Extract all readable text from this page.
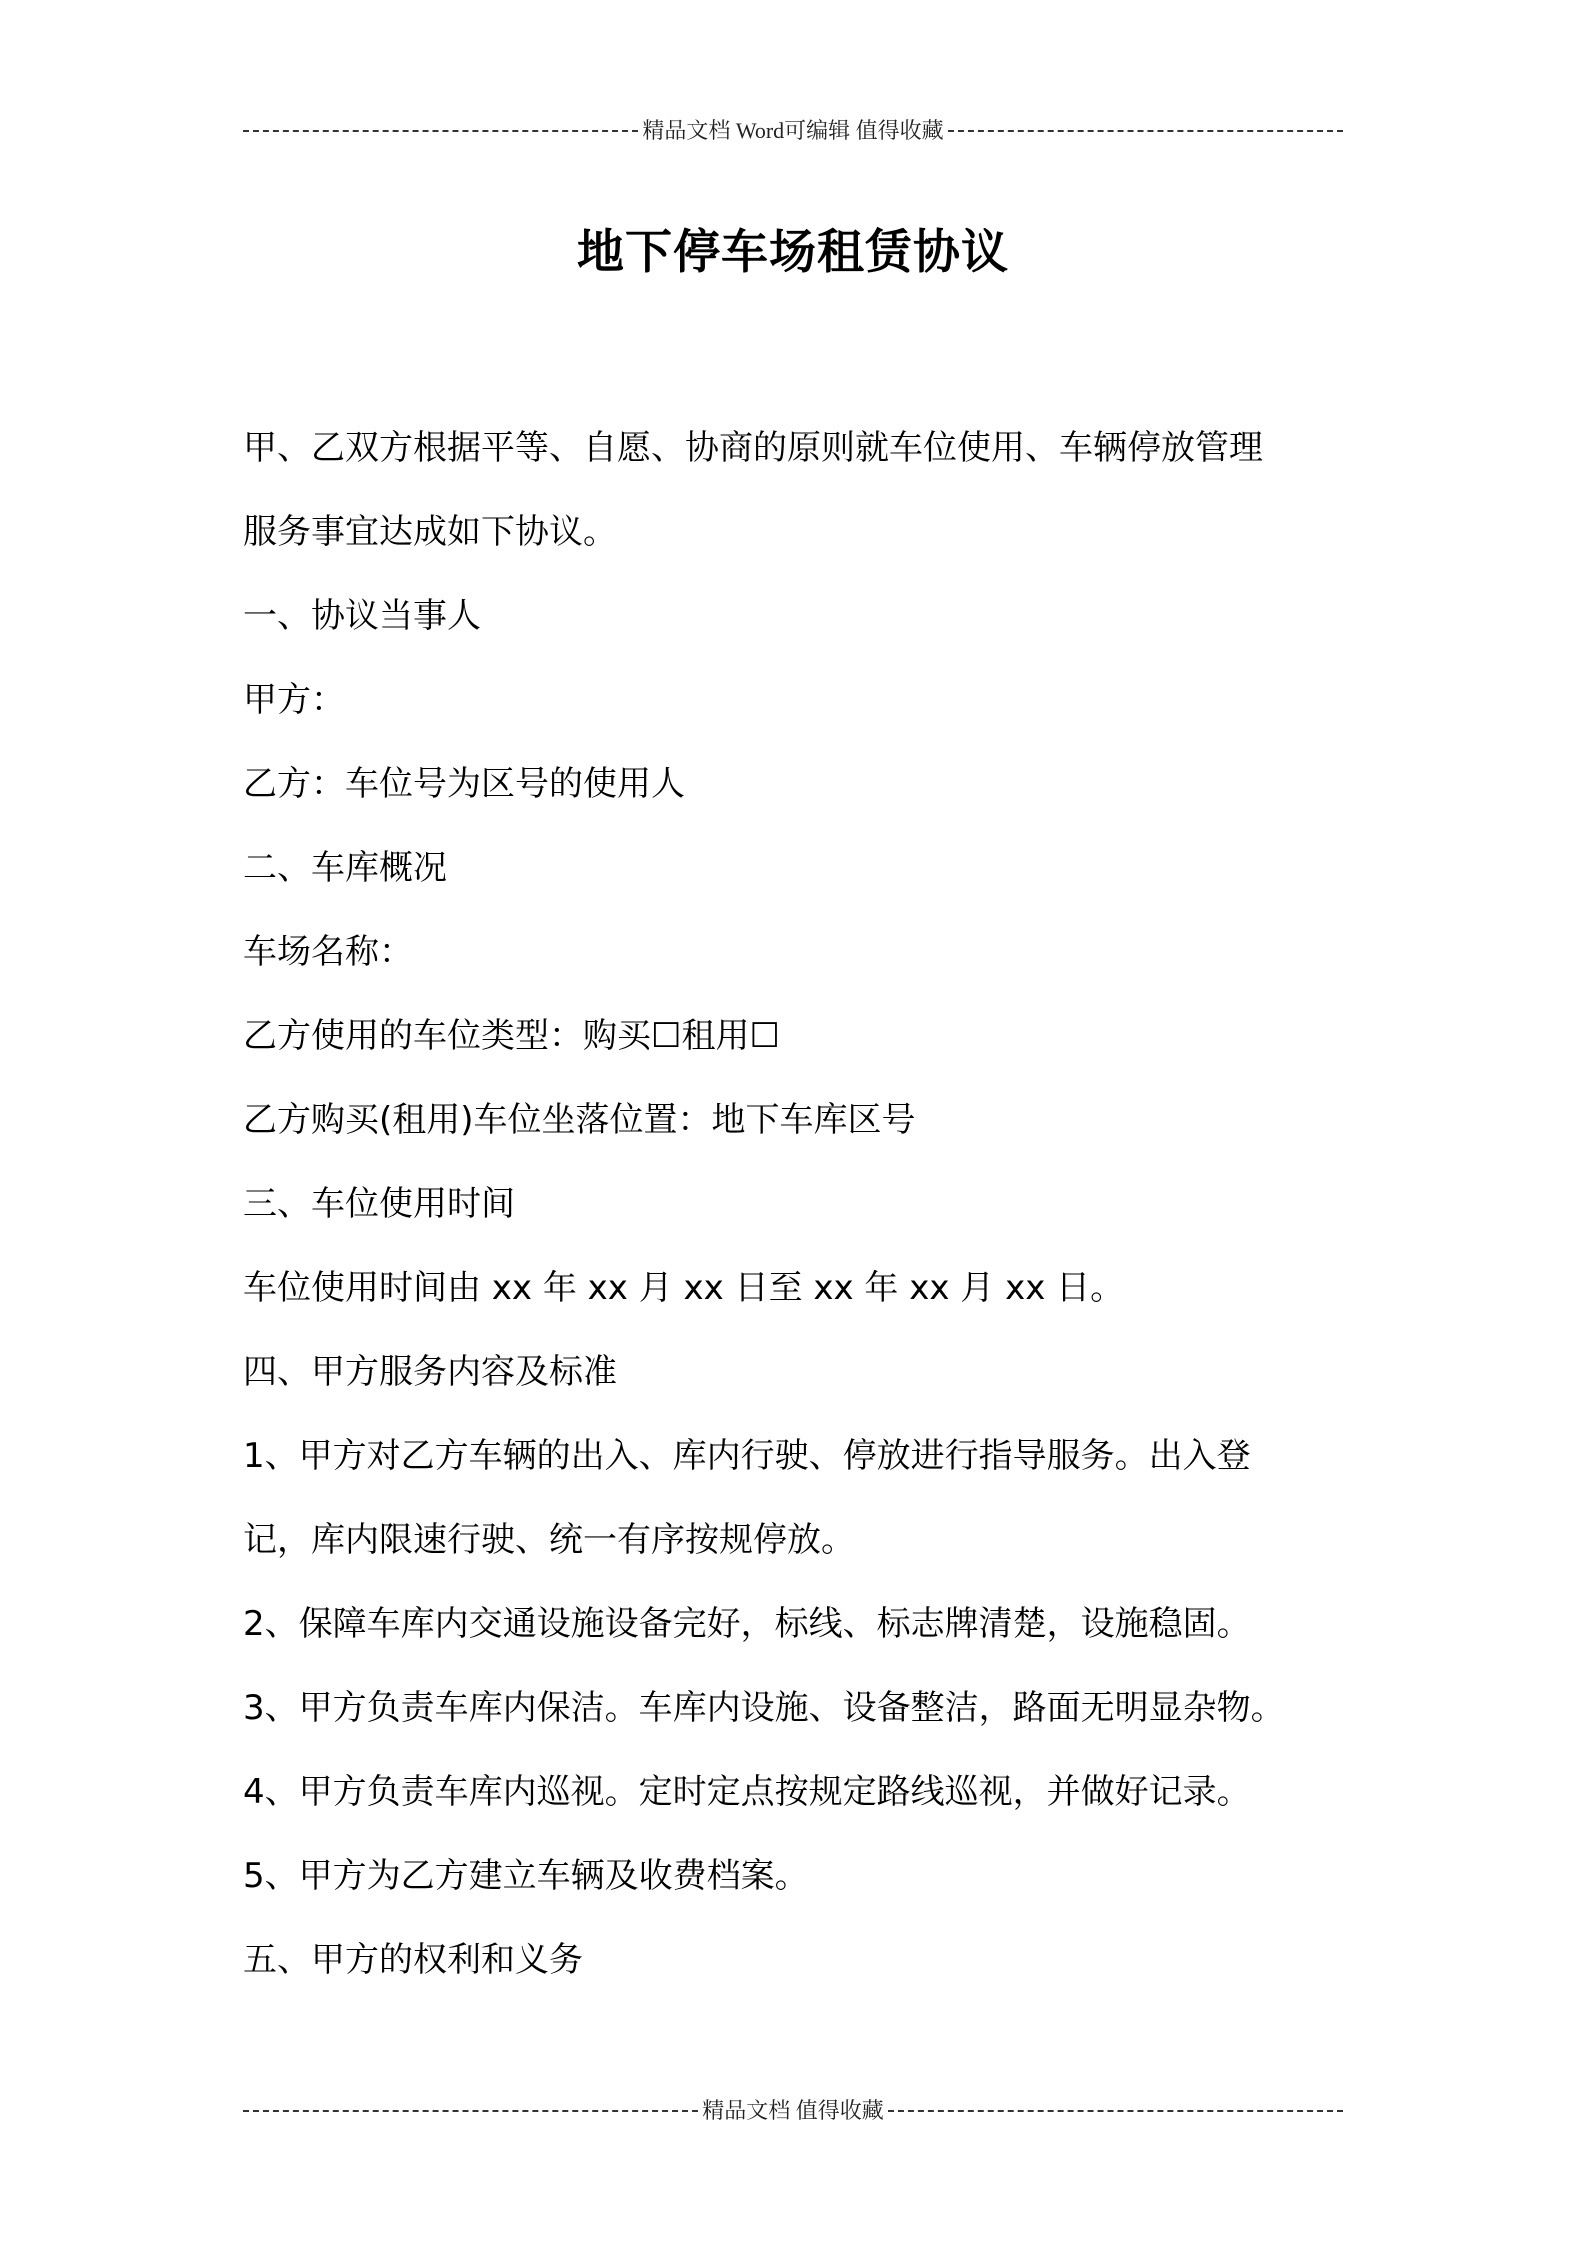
精品文档 Word可编辑 值得收藏
地下停车场租赁协议
甲、乙双方根据平等、自愿、协商的原则就车位使用、车辆停放管理
服务事宜达成如下协议。
一、协议当事人
甲方：
乙方：车位号为区号的使用人
二、车库概况
车场名称：
乙方使用的车位类型：购买☐租用☐
乙方购买(租用)车位坐落位置：地下车库区号
三、车位使用时间
车位使用时间由 xx 年 xx 月 xx 日至 xx 年 xx 月 xx 日。
四、甲方服务内容及标准
1、甲方对乙方车辆的出入、库内行驶、停放进行指导服务。出入登
记，库内限速行驶、统一有序按规停放。
2、保障车库内交通设施设备完好，标线、标志牌清楚，设施稳固。
3、甲方负责车库内保洁。车库内设施、设备整洁，路面无明显杂物。
4、甲方负责车库内巡视。定时定点按规定路线巡视，并做好记录。
5、甲方为乙方建立车辆及收费档案。
五、甲方的权利和义务
精品文档 值得收藏
